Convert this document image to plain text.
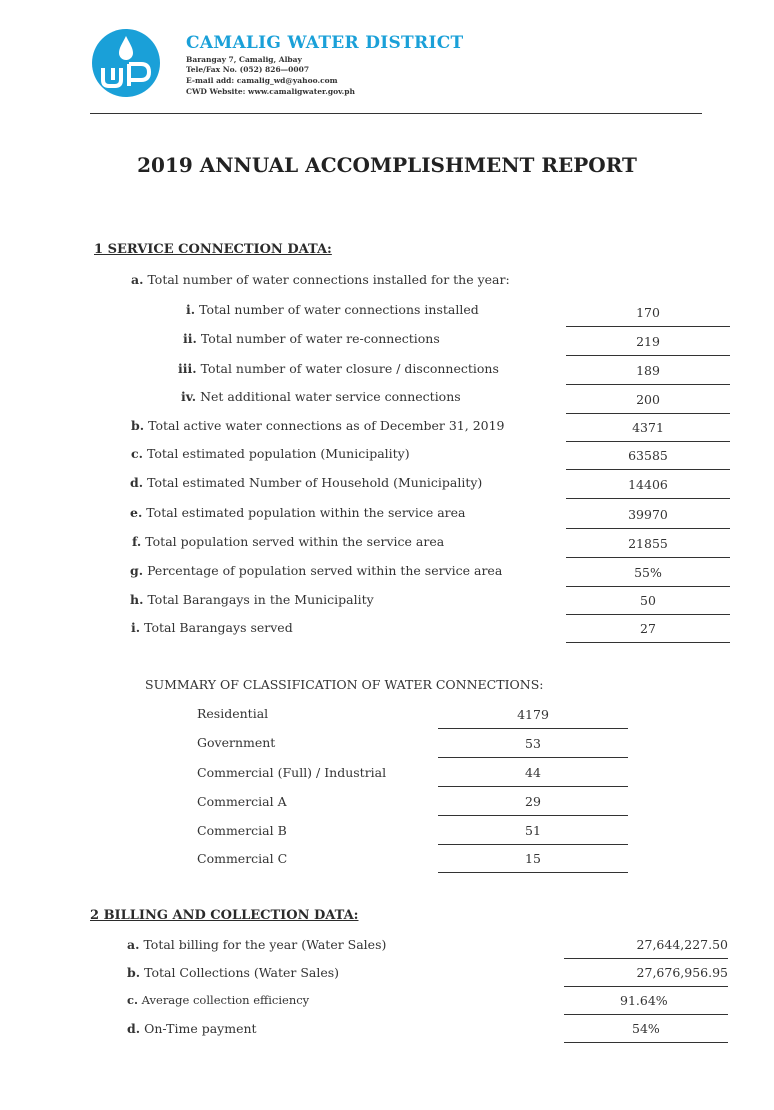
CAMALIG WATER DISTRICT
Barangay 7, Camalig, Albay
Tele/Fax No. (052) 826—0007
E-mail add: camalig_wd@yahoo.com
CWD Website: www.camaligwater.gov.ph
2019 ANNUAL ACCOMPLISHMENT REPORT
1 SERVICE CONNECTION DATA:
a. Total number of water connections installed for the year:
i. Total number of water connections installed	170
ii. Total number of water re-connections	219
iii. Total number of water closure / disconnections	189
iv. Net additional water service connections	200
b. Total active water connections as of December 31, 2019	4371
c. Total estimated population (Municipality)	63585
d. Total estimated Number of Household (Municipality)	14406
e. Total estimated population within the service area	39970
f. Total population served within the service area	21855
g. Percentage of population served within the service area	55%
h. Total Barangays in the Municipality	50
i. Total Barangays served	27
SUMMARY OF CLASSIFICATION OF WATER CONNECTIONS:
Residential	4179
Government	53
Commercial (Full) / Industrial	44
Commercial A	29
Commercial B	51
Commercial C	15
2 BILLING AND COLLECTION DATA:
a. Total billing for the year (Water Sales)	27,644,227.50
b. Total Collections (Water Sales)	27,676,956.95
c. Average collection efficiency	91.64%
d. On-Time payment	54%
